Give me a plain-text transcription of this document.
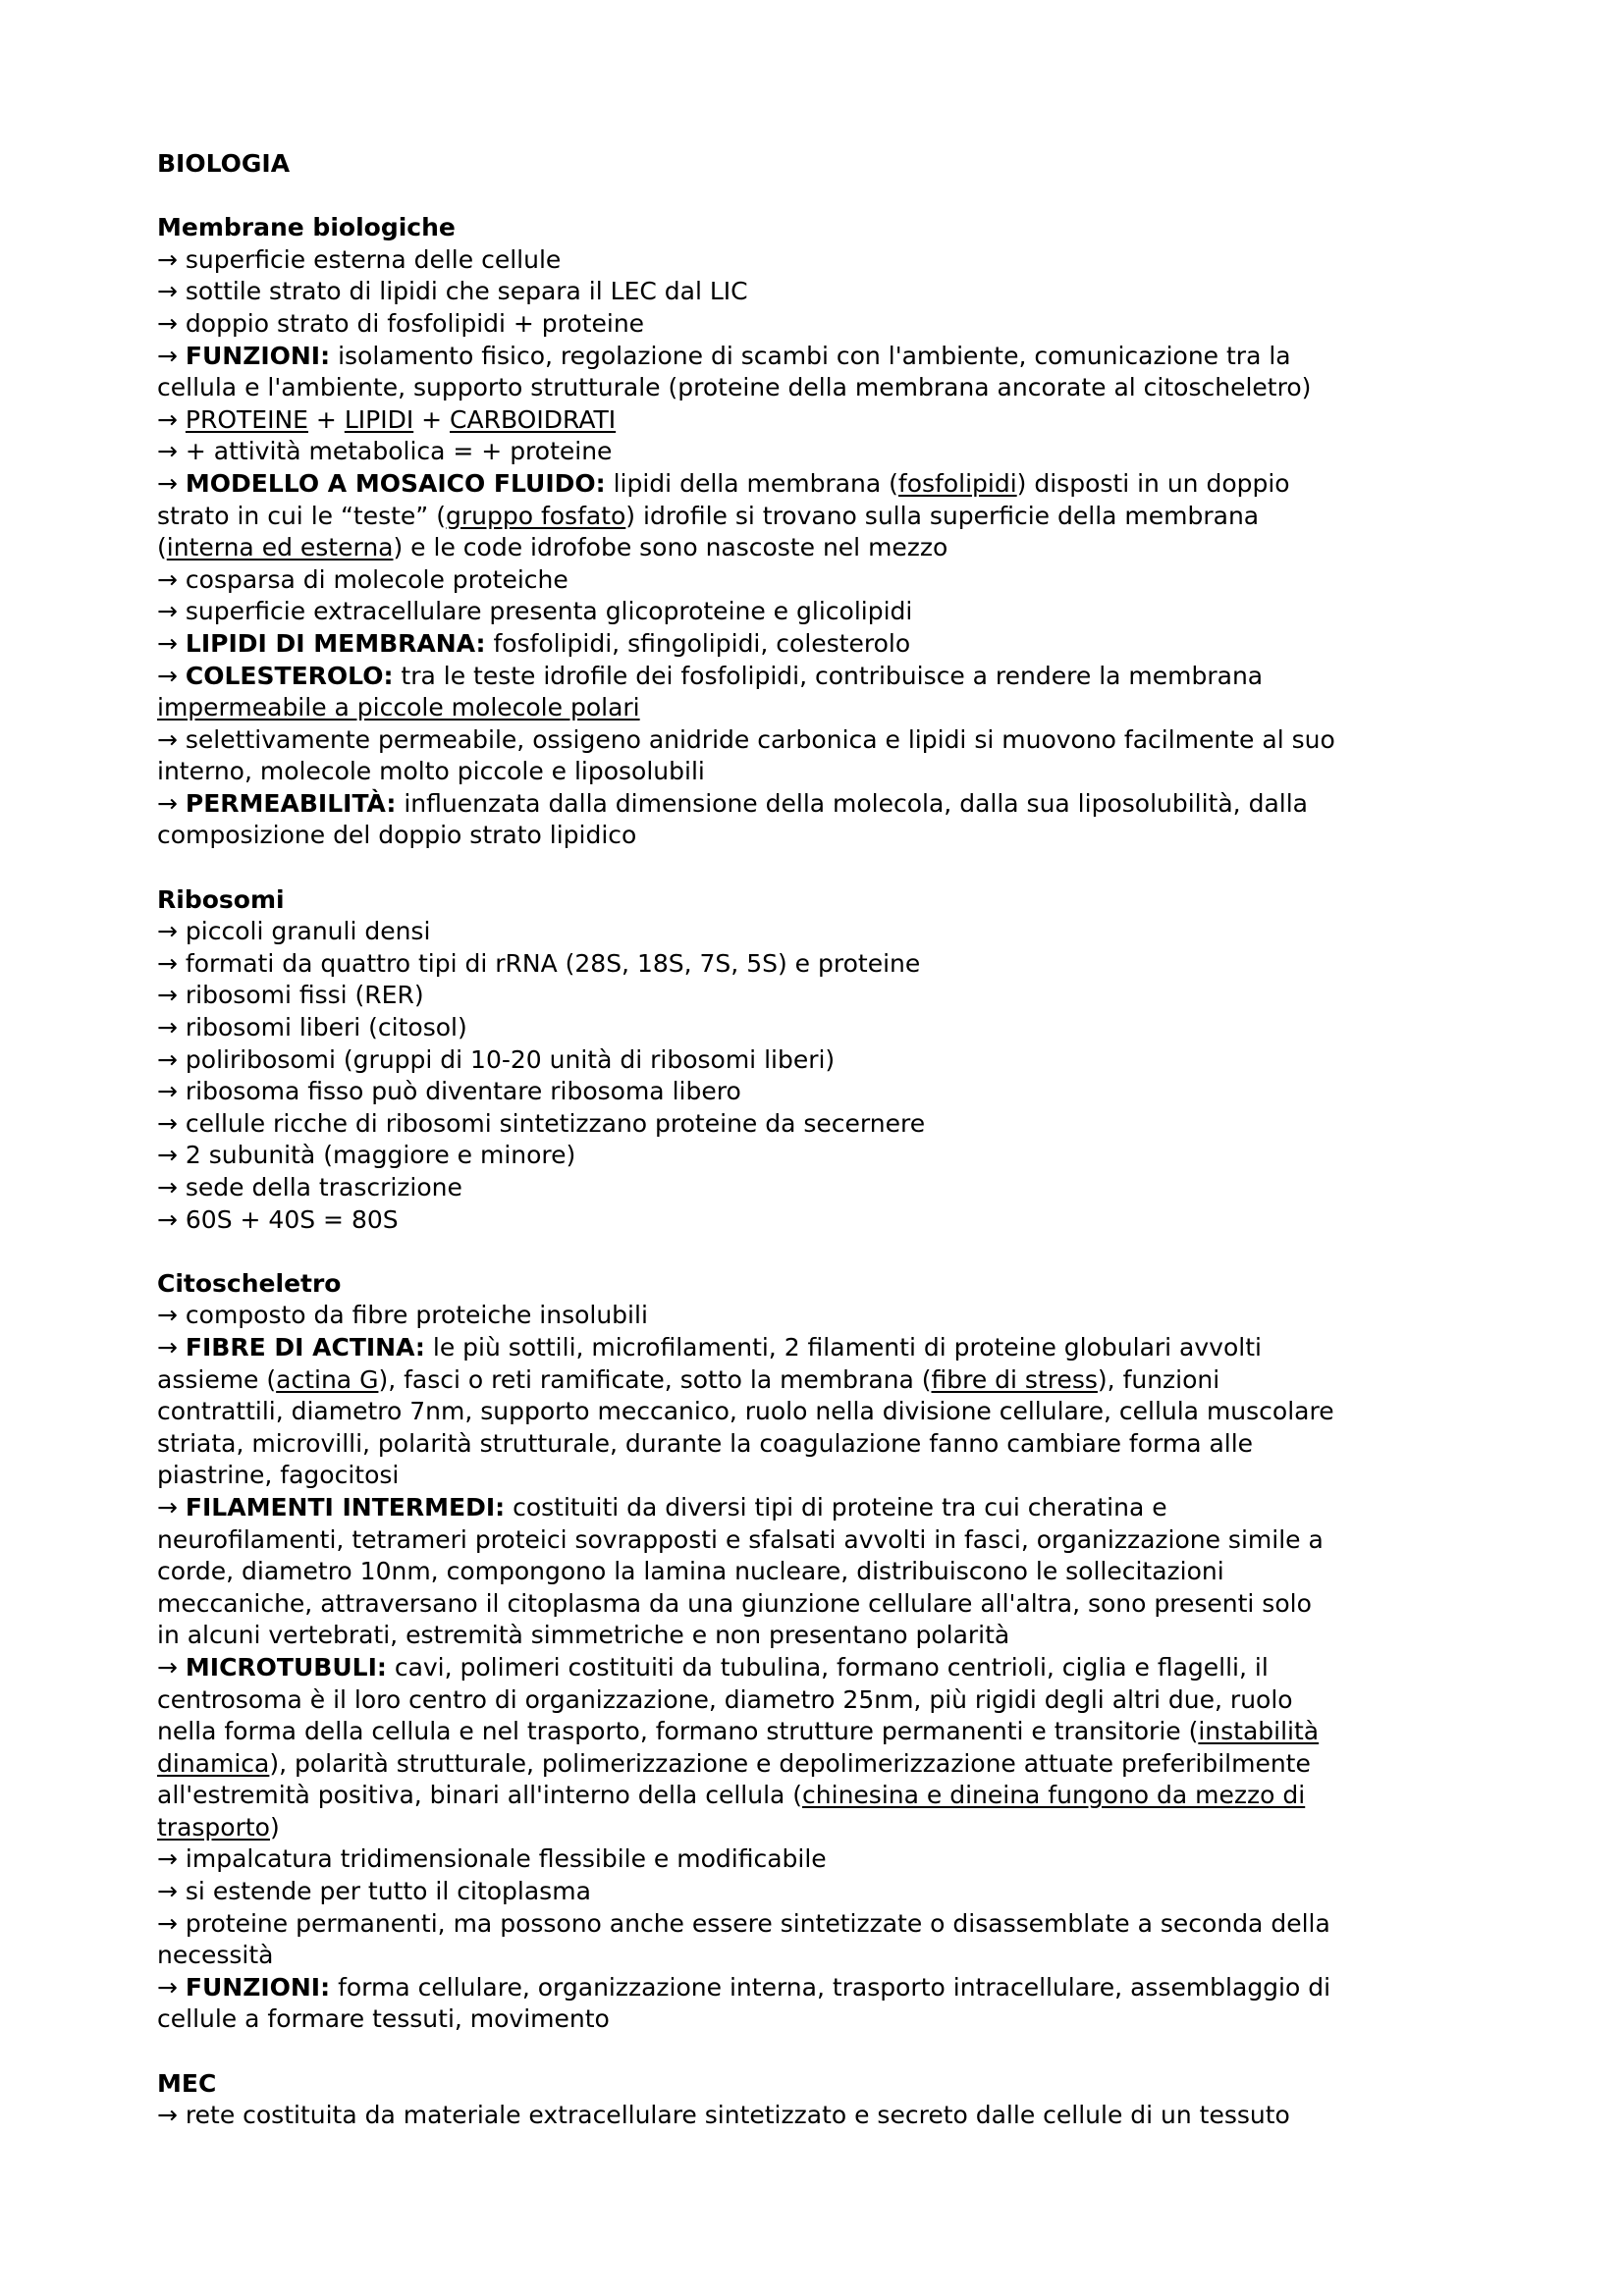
BIOLOGIA
Membrane biologiche
→ superficie esterna delle cellule
→ sottile strato di lipidi che separa il LEC dal LIC
→ doppio strato di fosfolipidi + proteine
→ FUNZIONI: isolamento fisico, regolazione di scambi con l'ambiente, comunicazione tra la
cellula e l'ambiente, supporto strutturale (proteine della membrana ancorate al citoscheletro)
→ PROTEINE + LIPIDI + CARBOIDRATI
→ + attività metabolica = + proteine
→ MODELLO A MOSAICO FLUIDO: lipidi della membrana (fosfolipidi) disposti in un doppio
strato in cui le “teste” (gruppo fosfato) idrofile si trovano sulla superficie della membrana
(interna ed esterna) e le code idrofobe sono nascoste nel mezzo
→ cosparsa di molecole proteiche
→ superficie extracellulare presenta glicoproteine e glicolipidi
→ LIPIDI DI MEMBRANA: fosfolipidi, sfingolipidi, colesterolo
→ COLESTEROLO: tra le teste idrofile dei fosfolipidi, contribuisce a rendere la membrana
impermeabile a piccole molecole polari
→ selettivamente permeabile, ossigeno anidride carbonica e lipidi si muovono facilmente al suo
interno, molecole molto piccole e liposolubili
→ PERMEABILITÀ: influenzata dalla dimensione della molecola, dalla sua liposolubilità, dalla
composizione del doppio strato lipidico
Ribosomi
→ piccoli granuli densi
→ formati da quattro tipi di rRNA (28S, 18S, 7S, 5S) e proteine
→ ribosomi fissi (RER)
→ ribosomi liberi (citosol)
→ poliribosomi (gruppi di 10-20 unità di ribosomi liberi)
→ ribosoma fisso può diventare ribosoma libero
→ cellule ricche di ribosomi sintetizzano proteine da secernere
→ 2 subunità (maggiore e minore)
→ sede della trascrizione
→ 60S + 40S = 80S
Citoscheletro
→ composto da fibre proteiche insolubili
→ FIBRE DI ACTINA: le più sottili, microfilamenti, 2 filamenti di proteine globulari avvolti
assieme (actina G), fasci o reti ramificate, sotto la membrana (fibre di stress), funzioni
contrattili, diametro 7nm, supporto meccanico, ruolo nella divisione cellulare, cellula muscolare
striata, microvilli, polarità strutturale, durante la coagulazione fanno cambiare forma alle
piastrine, fagocitosi
→ FILAMENTI INTERMEDI: costituiti da diversi tipi di proteine tra cui cheratina e
neurofilamenti, tetrameri proteici sovrapposti e sfalsati avvolti in fasci, organizzazione simile a
corde, diametro 10nm, compongono la lamina nucleare, distribuiscono le sollecitazioni
meccaniche, attraversano il citoplasma da una giunzione cellulare all'altra, sono presenti solo
in alcuni vertebrati, estremità simmetriche e non presentano polarità
→ MICROTUBULI: cavi, polimeri costituiti da tubulina, formano centrioli, ciglia e flagelli, il
centrosoma è il loro centro di organizzazione, diametro 25nm, più rigidi degli altri due, ruolo
nella forma della cellula e nel trasporto, formano strutture permanenti e transitorie (instabilità
dinamica), polarità strutturale, polimerizzazione e depolimerizzazione attuate preferibilmente
all'estremità positiva, binari all'interno della cellula (chinesina e dineina fungono da mezzo di
trasporto)
→ impalcatura tridimensionale flessibile e modificabile
→ si estende per tutto il citoplasma
→ proteine permanenti, ma possono anche essere sintetizzate o disassemblate a seconda della
necessità
→ FUNZIONI: forma cellulare, organizzazione interna, trasporto intracellulare, assemblaggio di
cellule a formare tessuti, movimento
MEC
→ rete costituita da materiale extracellulare sintetizzato e secreto dalle cellule di un tessuto
